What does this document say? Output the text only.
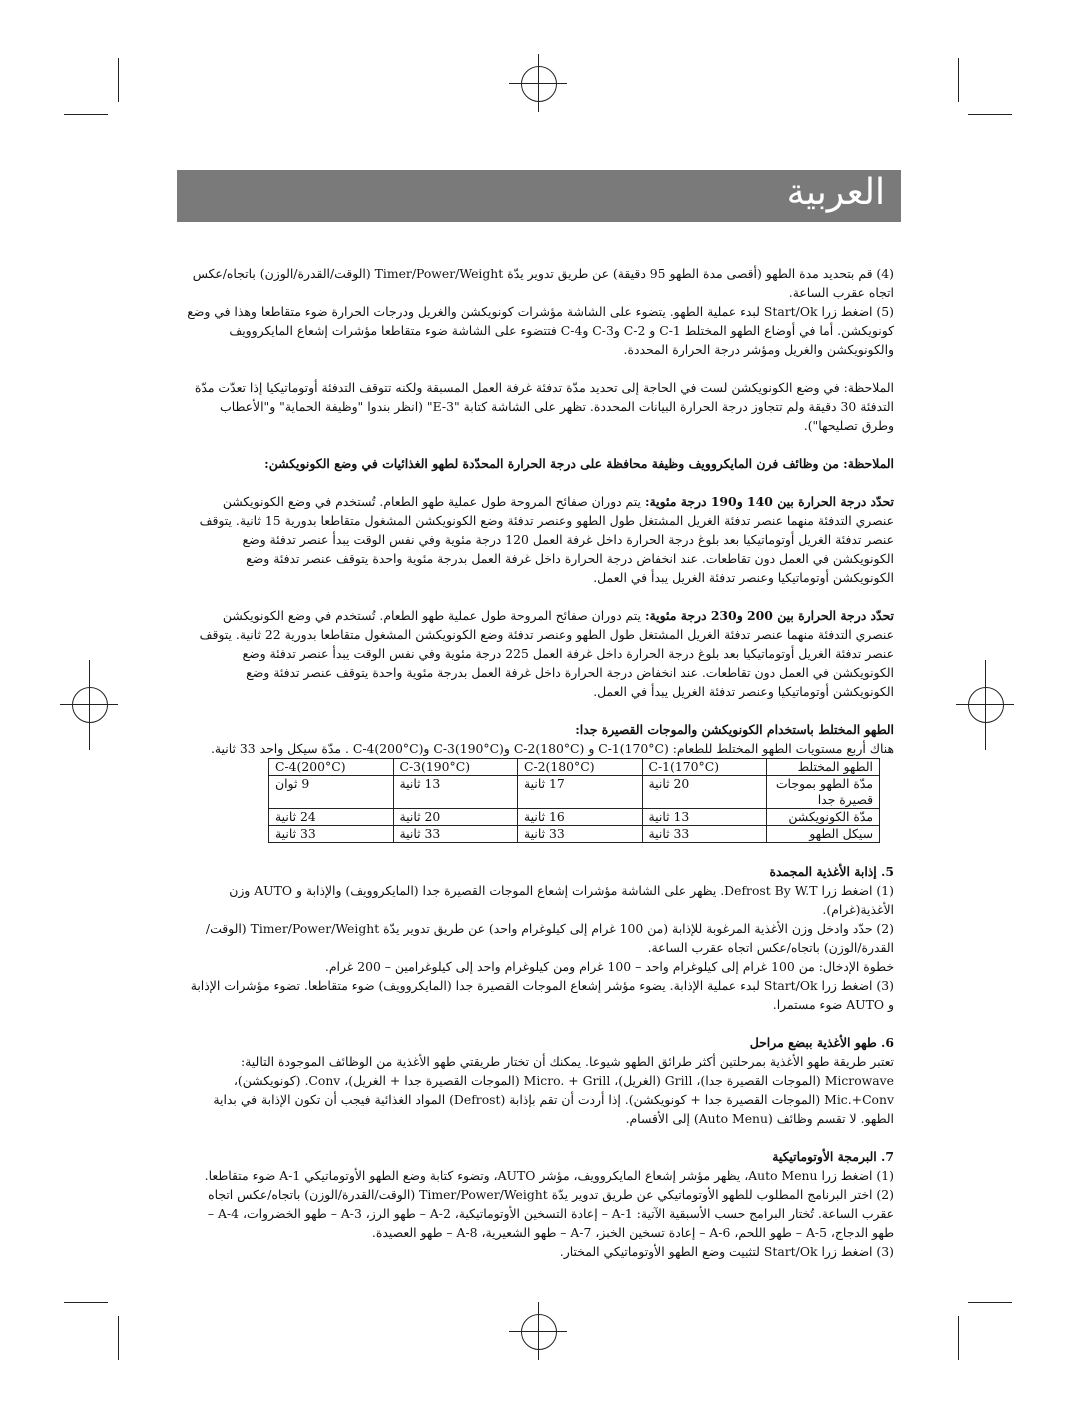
العربية

(4) قم بتحديد مدة الطهو (أقصى مدة الطهو 95 دقيقة) عن طريق تدوير يدّة Timer/Power/Weight (الوقت/القدرة/الوزن) باتجاه/عكس اتجاه عقرب الساعة.

(5) اضغط زرا Start/Ok لبدء عملية الطهو. يتضوء على الشاشة مؤشرات كونويكشن والغريل ودرجات الحرارة ضوء متقاطعا وهذا في وضع كونويكشن. أما في أوضاع الطهو المختلط C-1 و C-2 وC-3 وC-4 فتتضوء على الشاشة ضوء متقاطعا مؤشرات إشعاع المايكروويف والكونويكشن والغريل ومؤشر درجة الحرارة المحددة.

الملاحظة: في وضع الكونويكشن لست في الحاجة إلى تحديد مدّة تدفئة غرفة العمل المسبقة ولكنه تتوقف التدفئة أوتوماتيكيا إذا تعدّت مدّة التدفئة 30 دقيقة ولم تتجاوز درجة الحرارة البيانات المحددة. تظهر على الشاشة كتابة "E-3" (انظر بندوا "وظيفة الحماية" و"الأعطاب وطرق تصليحها").

الملاحظة: من وظائف فرن المايكروويف وظيفة محافظة على درجة الحرارة المحدّدة لطهو الغذائيات في وضع الكونويكشن:

تحدّد درجة الحرارة بين 140 و190 درجة مئوية: يتم دوران صفائح المروحة طول عملية طهو الطعام. تُستخدم في وضع الكونويكشن عنصري التدفئة منهما عنصر تدفئة الغريل المشتغل طول الطهو وعنصر تدفئة وضع الكونويكشن المشغول متقاطعا بدورية 15 ثانية. يتوقف عنصر تدفئة الغريل أوتوماتيكيا بعد بلوغ درجة الحرارة داخل غرفة العمل 120 درجة مئوية وفي نفس الوقت يبدأ عنصر تدفئة وضع الكونويكشن في العمل دون تقاطعات. عند انخفاض درجة الحرارة داخل غرفة العمل بدرجة مئوية واحدة يتوقف عنصر تدفئة وضع الكونويكشن أوتوماتيكيا وعنصر تدفئة الغريل يبدأ في العمل.

تحدّد درجة الحرارة بين 200 و230 درجة مئوية: يتم دوران صفائح المروحة طول عملية طهو الطعام. تُستخدم في وضع الكونويكشن عنصري التدفئة منهما عنصر تدفئة الغريل المشتغل طول الطهو وعنصر تدفئة وضع الكونويكشن المشغول متقاطعا بدورية 22 ثانية. يتوقف عنصر تدفئة الغريل أوتوماتيكيا بعد بلوغ درجة الحرارة داخل غرفة العمل 225 درجة مئوية وفي نفس الوقت يبدأ عنصر تدفئة وضع الكونويكشن في العمل دون تقاطعات. عند انخفاض درجة الحرارة داخل غرفة العمل بدرجة مئوية واحدة يتوقف عنصر تدفئة وضع الكونويكشن أوتوماتيكيا وعنصر تدفئة الغريل يبدأ في العمل.

الطهو المختلط باستخدام الكونويكشن والموجات القصيرة جدا:

هناك أربع مستويات الطهو المختلط للطعام: C-1(170°C) و C-2(180°C) وC-3(190°C) وC-4(200°C) . مدّة سيكل واحد 33 ثانية.

الطهو المختلط	C-1(170°C)	C-2(180°C)	C-3(190°C)	C-4(200°C)
مدّة الطهو بموجات قصيرة جدا	20 ثانية	17 ثانية	13 ثانية	9 ثوان
مدّة الكونويكشن	13 ثانية	16 ثانية	20 ثانية	24 ثانية
سيكل الطهو	33 ثانية	33 ثانية	33 ثانية	33 ثانية

5. إذابة الأغذية المجمدة

(1) اضغط زرا Defrost By W.T. يظهر على الشاشة مؤشرات إشعاع الموجات القصيرة جدا (المايكروويف) والإذابة و AUTO وزن الأغذية(غرام).

(2) حدّد وادخل وزن الأغذية المرغوبة للإذابة (من 100 غرام إلى كيلوغرام واحد) عن طريق تدوير يدّة Timer/Power/Weight (الوقت/القدرة/الوزن) باتجاه/عكس اتجاه عقرب الساعة.

خطوة الإدخال: من 100 غرام إلى كيلوغرام واحد – 100 غرام ومن كيلوغرام واحد إلى كيلوغرامين – 200 غرام.

(3) اضغط زرا Start/Ok لبدء عملية الإذابة. يضوء مؤشر إشعاع الموجات القصيرة جدا (المايكروويف) ضوء متقاطعا. تضوء مؤشرات الإذابة و AUTO ضوء مستمرا.

6. طهو الأغذية ببضع مراحل

تعتبر طريقة طهو الأغذية بمرحلتين أكثر طرائق الطهو شيوعا. يمكنك أن تختار طريقتي طهو الأغذية من الوظائف الموجودة التالية: Microwave (الموجات القصيرة جدا)، Grill (الغريل)، Micro. + Grill (الموجات القصيرة جدا + الغريل)، Conv. (كونويكشن)، Mic.+Conv (الموجات القصيرة جدا + كونويكشن). إذا أردت أن تقم بإذابة (Defrost) المواد الغذائية فيجب أن تكون الإذابة في بداية الطهو. لا تقسم وظائف (Auto Menu) إلى الأقسام.

7. البرمجة الأوتوماتيكية

(1) اضغط زرا Auto Menu، يظهر مؤشر إشعاع المايكروويف، مؤشر AUTO، وتضوء كتابة وضع الطهو الأوتوماتيكي A-1 ضوء متقاطعا.

(2) اختر البرنامج المطلوب للطهو الأوتوماتيكي عن طريق تدوير يدّة Timer/Power/Weight (الوقت/القدرة/الوزن) باتجاه/عكس اتجاه عقرب الساعة. تُختار البرامج حسب الأسبقية الآتية: A-1 – إعادة التسخين الأوتوماتيكية، A-2 – طهو الرز، A-3 – طهو الخضروات، A-4 – طهو الدجاج، A-5 – طهو اللحم، A-6 – إعادة تسخين الخبز، A-7 – طهو الشعيرية، A-8 – طهو العصيدة.

(3) اضغط زرا Start/Ok لتثبيت وضع الطهو الأوتوماتيكي المختار.
